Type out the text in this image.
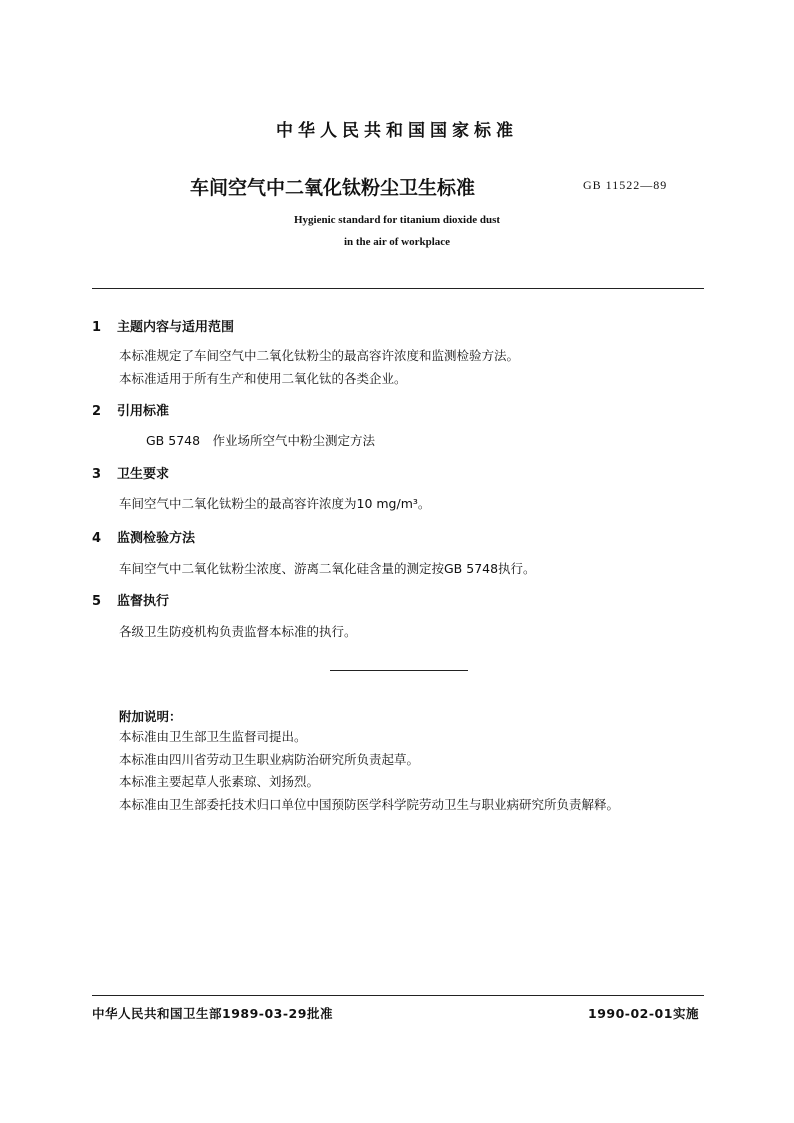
中华人民共和国国家标准
车间空气中二氧化钛粉尘卫生标准	GB 11522—89
Hygienic standard for titanium dioxide dust
in the air of workplace
1 主题内容与适用范围
本标准规定了车间空气中二氧化钛粉尘的最高容许浓度和监测检验方法。
本标准适用于所有生产和使用二氧化钛的各类企业。
2 引用标准
GB 5748　作业场所空气中粉尘测定方法
3 卫生要求
车间空气中二氧化钛粉尘的最高容许浓度为10 mg/m³。
4 监测检验方法
车间空气中二氧化钛粉尘浓度、游离二氧化硅含量的测定按GB 5748执行。
5 监督执行
各级卫生防疫机构负责监督本标准的执行。
附加说明：
本标准由卫生部卫生监督司提出。
本标准由四川省劳动卫生职业病防治研究所负责起草。
本标准主要起草人张素琼、刘扬烈。
本标准由卫生部委托技术归口单位中国预防医学科学院劳动卫生与职业病研究所负责解释。
中华人民共和国卫生部1989-03-29批准	1990-02-01实施
